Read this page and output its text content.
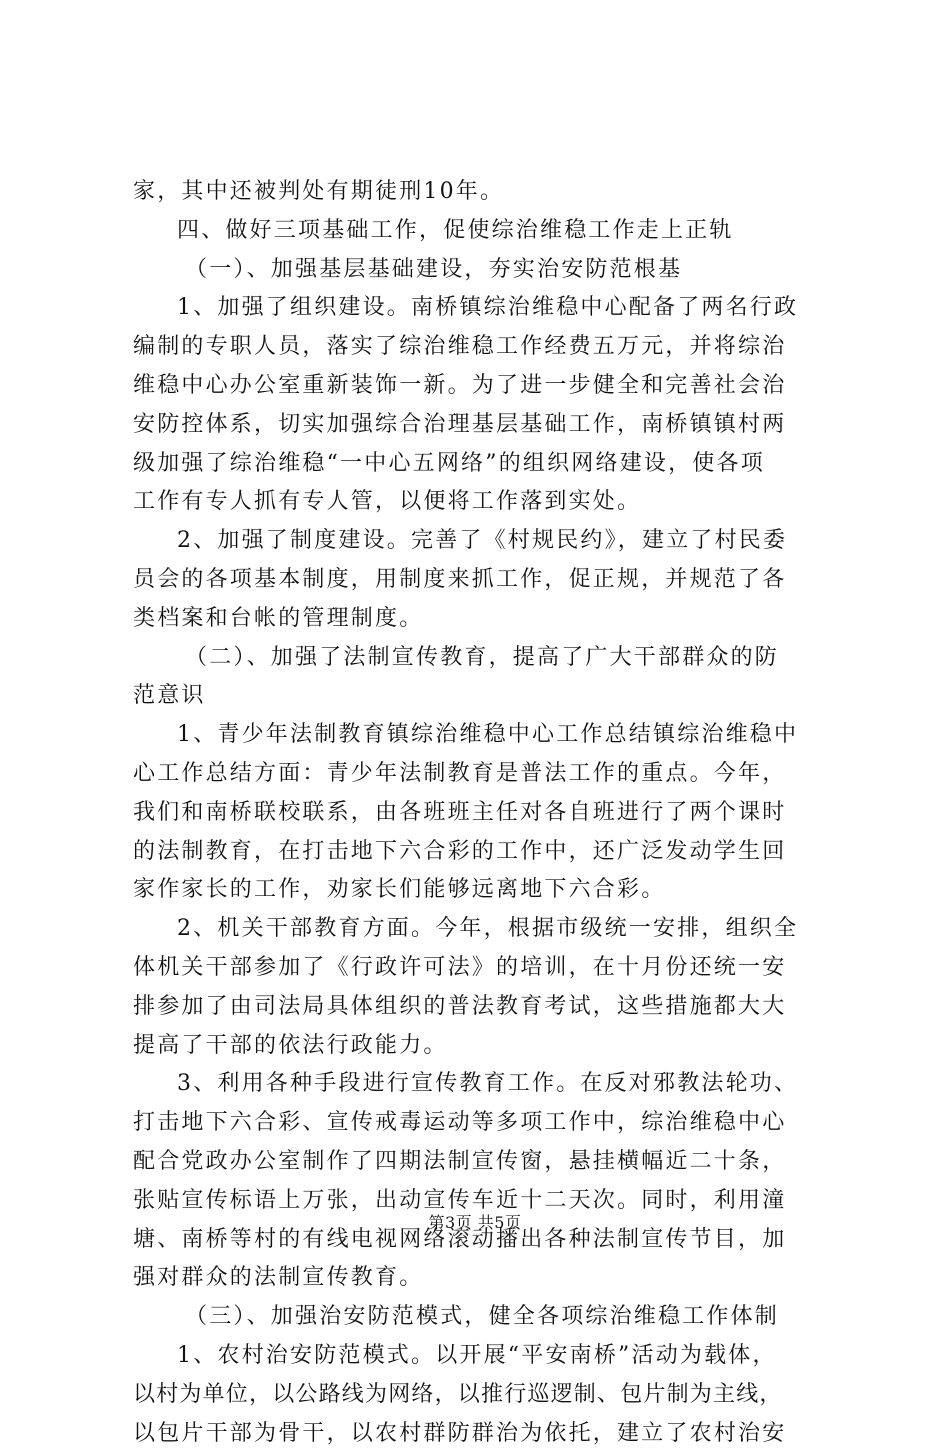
家，其中还被判处有期徒刑10年。
四、做好三项基础工作，促使综治维稳工作走上正轨
（一）、加强基层基础建设，夯实治安防范根基
1、加强了组织建设。南桥镇综治维稳中心配备了两名行政
编制的专职人员，落实了综治维稳工作经费五万元，并将综治
维稳中心办公室重新装饰一新。为了进一步健全和完善社会治
安防控体系，切实加强综合治理基层基础工作，南桥镇镇村两
级加强了综治维稳“一中心五网络”的组织网络建设，使各项
工作有专人抓有专人管，以便将工作落到实处。
2、加强了制度建设。完善了《村规民约》，建立了村民委
员会的各项基本制度，用制度来抓工作，促正规，并规范了各
类档案和台帐的管理制度。
（二）、加强了法制宣传教育，提高了广大干部群众的防
范意识
1、青少年法制教育镇综治维稳中心工作总结镇综治维稳中
心工作总结方面：青少年法制教育是普法工作的重点。今年，
我们和南桥联校联系，由各班班主任对各自班进行了两个课时
的法制教育，在打击地下六合彩的工作中，还广泛发动学生回
家作家长的工作，劝家长们能够远离地下六合彩。
2、机关干部教育方面。今年，根据市级统一安排，组织全
体机关干部参加了《行政许可法》的培训，在十月份还统一安
排参加了由司法局具体组织的普法教育考试，这些措施都大大
提高了干部的依法行政能力。
3、利用各种手段进行宣传教育工作。在反对邪教法轮功、
打击地下六合彩、宣传戒毒运动等多项工作中，综治维稳中心
配合党政办公室制作了四期法制宣传窗，悬挂横幅近二十条，
张贴宣传标语上万张，出动宣传车近十二天次。同时，利用潼
塘、南桥等村的有线电视网络滚动播出各种法制宣传节目，加
强对群众的法制宣传教育。
（三）、加强治安防范模式，健全各项综治维稳工作体制
1、农村治安防范模式。以开展“平安南桥”活动为载体，
以村为单位，以公路线为网络，以推行巡逻制、包片制为主线，
以包片干部为骨干，以农村群防群治为依托，建立了农村治安
第3页 共5页
